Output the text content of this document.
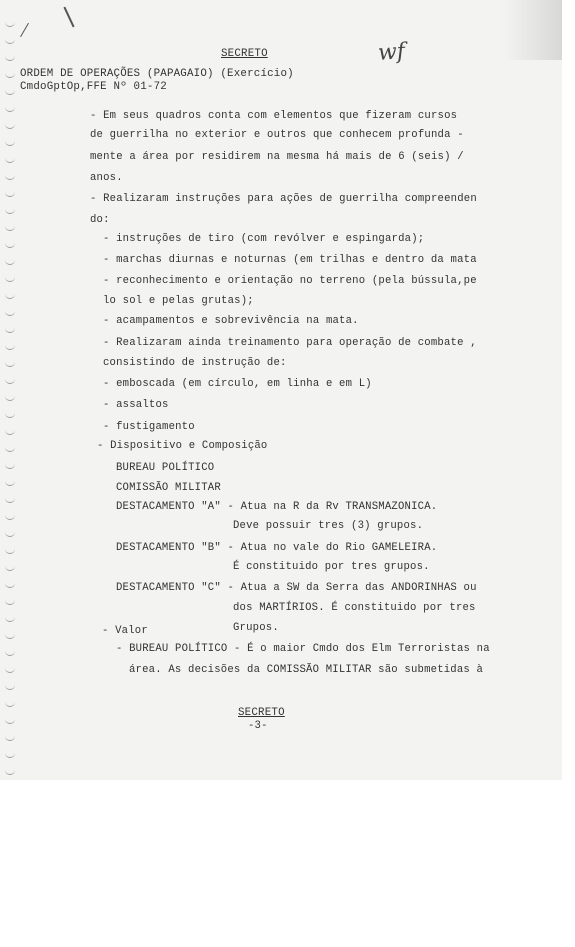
SECRETO	wf
ORDEM DE OPERAÇÕES (PAPAGAIO) (Exercício)
CmdoGptOp,FFE Nº 01-72
- Em seus quadros conta com elementos que fizeram cursos
de guerrilha no exterior e outros que conhecem profunda -
mente a área por residirem na mesma há mais de 6 (seis) /
anos.
- Realizaram instruções para ações de guerrilha compreenden
do:
- instruções de tiro (com revólver e espingarda);
- marchas diurnas e noturnas (em trilhas e dentro da mata
- reconhecimento e orientação no terreno (pela bússula,pe
lo sol e pelas grutas);
- acampamentos e sobrevivência na mata.
- Realizaram ainda treinamento para operação de combate ,
consistindo de instrução de:
- emboscada (em círculo, em linha e em L)
- assaltos
- fustigamento
- Dispositivo e Composição
BUREAU POLÍTICO
COMISSÃO MILITAR
DESTACAMENTO "A" - Atua na R da Rv TRANSMAZONICA.
Deve possuir tres (3) grupos.
DESTACAMENTO "B" - Atua no vale do Rio GAMELEIRA.
É constituido por tres grupos.
DESTACAMENTO "C" - Atua a SW da Serra das ANDORINHAS ou
dos MARTÍRIOS. É constituido por tres
- Valor	Grupos.
- BUREAU POLÍTICO - É o maior Cmdo dos Elm Terroristas na
área. As decisões da COMISSÃO MILITAR são submetidas à
SECRETO
-3-
